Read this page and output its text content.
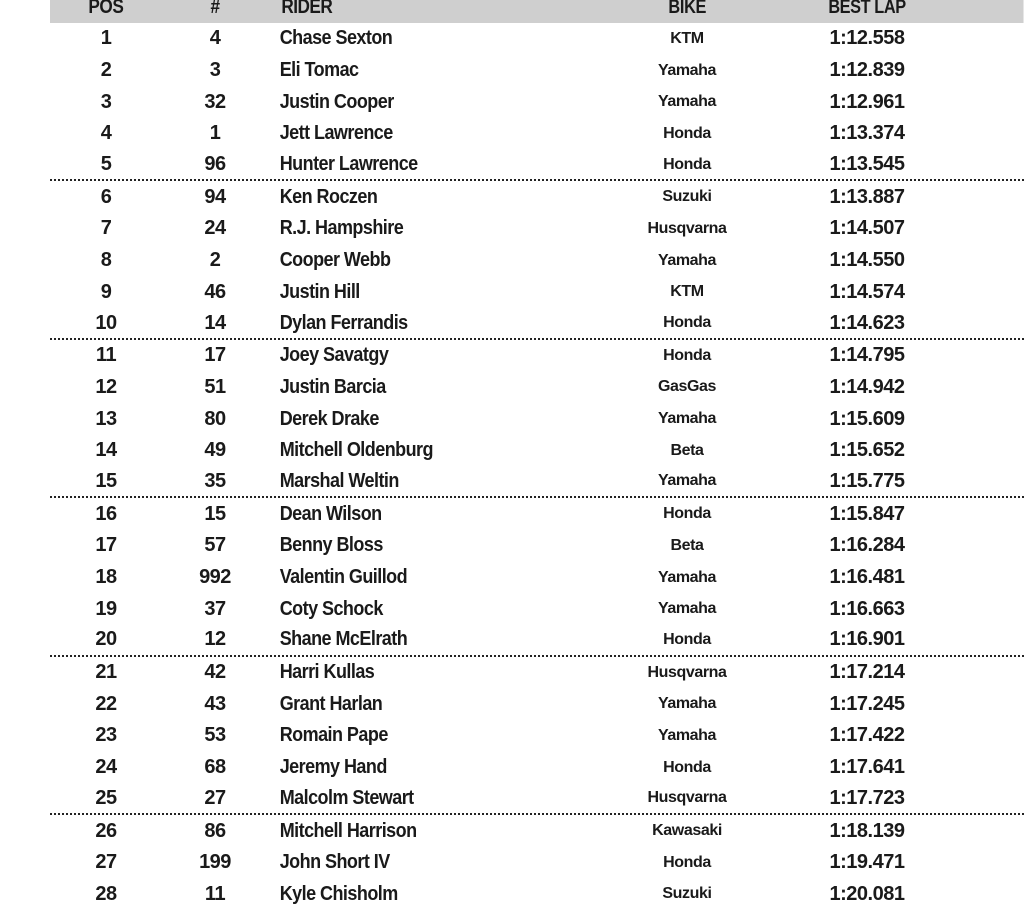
POS	#	RIDER	BIKE	BEST LAP
1	4	Chase Sexton	KTM	1:12.558
2	3	Eli Tomac	Yamaha	1:12.839
3	32	Justin Cooper	Yamaha	1:12.961
4	1	Jett Lawrence	Honda	1:13.374
5	96	Hunter Lawrence	Honda	1:13.545
6	94	Ken Roczen	Suzuki	1:13.887
7	24	R.J. Hampshire	Husqvarna	1:14.507
8	2	Cooper Webb	Yamaha	1:14.550
9	46	Justin Hill	KTM	1:14.574
10	14	Dylan Ferrandis	Honda	1:14.623
11	17	Joey Savatgy	Honda	1:14.795
12	51	Justin Barcia	GasGas	1:14.942
13	80	Derek Drake	Yamaha	1:15.609
14	49	Mitchell Oldenburg	Beta	1:15.652
15	35	Marshal Weltin	Yamaha	1:15.775
16	15	Dean Wilson	Honda	1:15.847
17	57	Benny Bloss	Beta	1:16.284
18	992	Valentin Guillod	Yamaha	1:16.481
19	37	Coty Schock	Yamaha	1:16.663
20	12	Shane McElrath	Honda	1:16.901
21	42	Harri Kullas	Husqvarna	1:17.214
22	43	Grant Harlan	Yamaha	1:17.245
23	53	Romain Pape	Yamaha	1:17.422
24	68	Jeremy Hand	Honda	1:17.641
25	27	Malcolm Stewart	Husqvarna	1:17.723
26	86	Mitchell Harrison	Kawasaki	1:18.139
27	199	John Short IV	Honda	1:19.471
28	11	Kyle Chisholm	Suzuki	1:20.081
